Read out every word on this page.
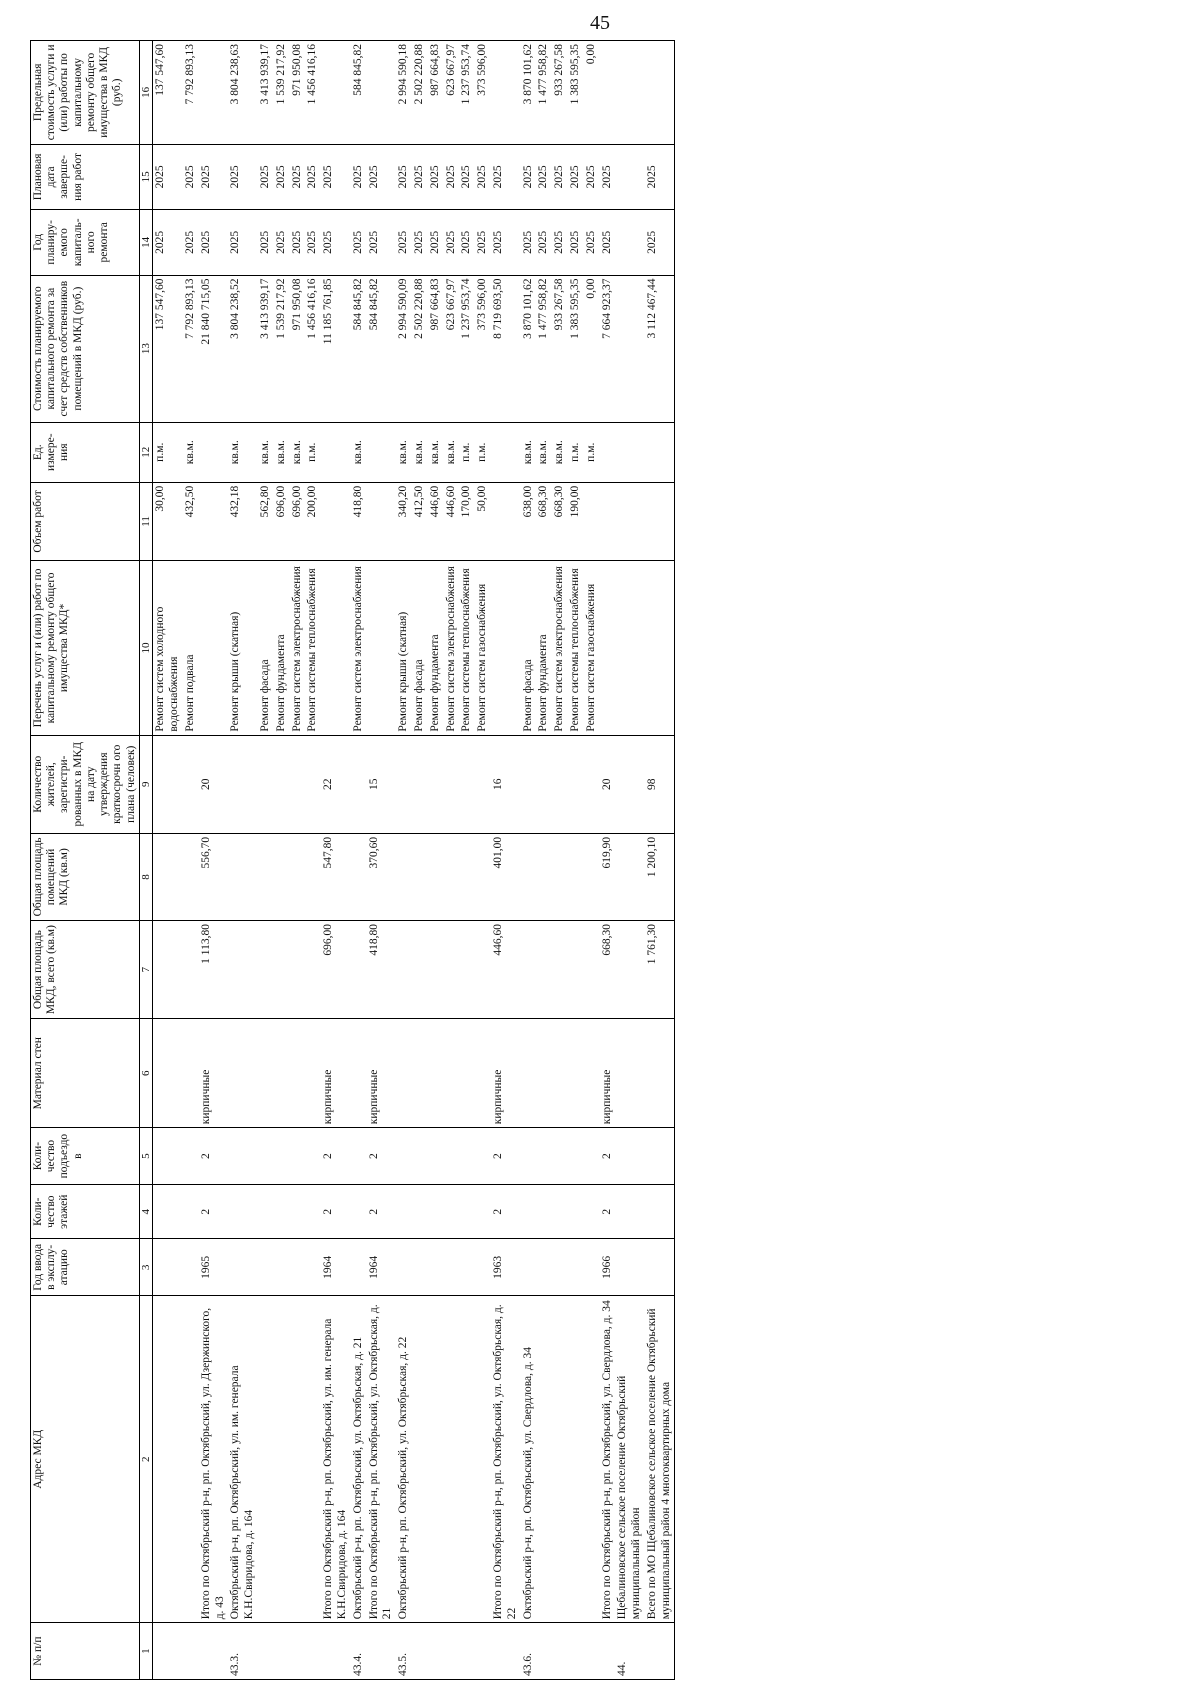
45
№ п/п	Адрес МКД	Год ввода в эксплу-атацию	Коли-чество этажей	Коли-чество подъездо в	Материал стен	Общая площадь МКД, всего (кв.м)	Общая площадь помещений МКД (кв.м)	Количество жителей, зарегистри-рованных в МКД на дату утверждения краткосрочн ого плана (человек)	Перечень услуг и (или) работ по капитальному ремонту общего имущества МКД*	Объем работ	Ед. измере-ния	Стоимость планируемого капитального ремонта за счет средств собственников помещений в МКД (руб.)	Год планиру-емого капиталь-ного ремонта	Плановая дата заверше-ния работ	Предельная стоимость услуги и (или) работы по капитальному ремонту общего имущества в МКД (руб.)
1	2	3	4	5	6	7	8	9	10	11	12	13	14	15	16
									Ремонт систем холодного водоснабжения	30,00	п.м.	137 547,60	2025	2025	137 547,60
									Ремонт подвала	432,50	кв.м.	7 792 893,13	2025	2025	7 792 893,13
	Итого по Октябрьский р-н, рп. Октябрьский, ул. Дзержинского, д. 43	1965	2	2	кирпичные	1 113,80	556,70	20				21 840 715,05	2025	2025	
43.3.	Октябрьский р-н, рп. Октябрьский, ул. им. генерала К.Н.Свиридова, д. 164								Ремонт крыши (скатная)	432,18	кв.м.	3 804 238,52	2025	2025	3 804 238,63
									Ремонт фасада	562,80	кв.м.	3 413 939,17	2025	2025	3 413 939,17
									Ремонт фундамента	696,00	кв.м.	1 539 217,92	2025	2025	1 539 217,92
									Ремонт систем электроснабжения	696,00	кв.м.	971 950,08	2025	2025	971 950,08
									Ремонт системы теплоснабжения	200,00	п.м.	1 456 416,16	2025	2025	1 456 416,16
	Итого по Октябрьский р-н, рп. Октябрьский, ул. им. генерала К.Н.Свиридова, д. 164	1964	2	2	кирпичные	696,00	547,80	22				11 185 761,85	2025	2025	
43.4.	Октябрьский р-н, рп. Октябрьский, ул. Октябрьская, д. 21								Ремонт систем электроснабжения	418,80	кв.м.	584 845,82	2025	2025	584 845,82
	Итого по Октябрьский р-н, рп. Октябрьский, ул. Октябрьская, д. 21	1964	2	2	кирпичные	418,80	370,60	15				584 845,82	2025	2025	
43.5.	Октябрьский р-н, рп. Октябрьский, ул. Октябрьская, д. 22								Ремонт крыши (скатная)	340,20	кв.м.	2 994 590,09	2025	2025	2 994 590,18
									Ремонт фасада	412,50	кв.м.	2 502 220,88	2025	2025	2 502 220,88
									Ремонт фундамента	446,60	кв.м.	987 664,83	2025	2025	987 664,83
									Ремонт систем электроснабжения	446,60	кв.м.	623 667,97	2025	2025	623 667,97
									Ремонт системы теплоснабжения	170,00	п.м.	1 237 953,74	2025	2025	1 237 953,74
									Ремонт систем газоснабжения	50,00	п.м.	373 596,00	2025	2025	373 596,00
	Итого по Октябрьский р-н, рп. Октябрьский, ул. Октябрьская, д. 22	1963	2	2	кирпичные	446,60	401,00	16				8 719 693,50	2025	2025	
43.6.	Октябрьский р-н, рп. Октябрьский, ул. Свердлова, д. 34								Ремонт фасада	638,00	кв.м.	3 870 101,62	2025	2025	3 870 101,62
									Ремонт фундамента	668,30	кв.м.	1 477 958,82	2025	2025	1 477 958,82
									Ремонт систем электроснабжения	668,30	кв.м.	933 267,58	2025	2025	933 267,58
									Ремонт системы теплоснабжения	190,00	п.м.	1 383 595,35	2025	2025	1 383 595,35
									Ремонт систем газоснабжения		п.м.	0,00	2025	2025	0,00
	Итого по Октябрьский р-н, рп. Октябрьский, ул. Свердлова, д. 34	1966	2	2	кирпичные	668,30	619,90	20				7 664 923,37	2025	2025	
44.	Щебалиновское сельское поселение Октябрьский муниципальный район														
	Всего по МО Щебалиновское сельское поселение Октябрьский муниципальный район 4 многоквартирных дома					1 761,30	1 200,10	98				3 112 467,44	2025	2025	
